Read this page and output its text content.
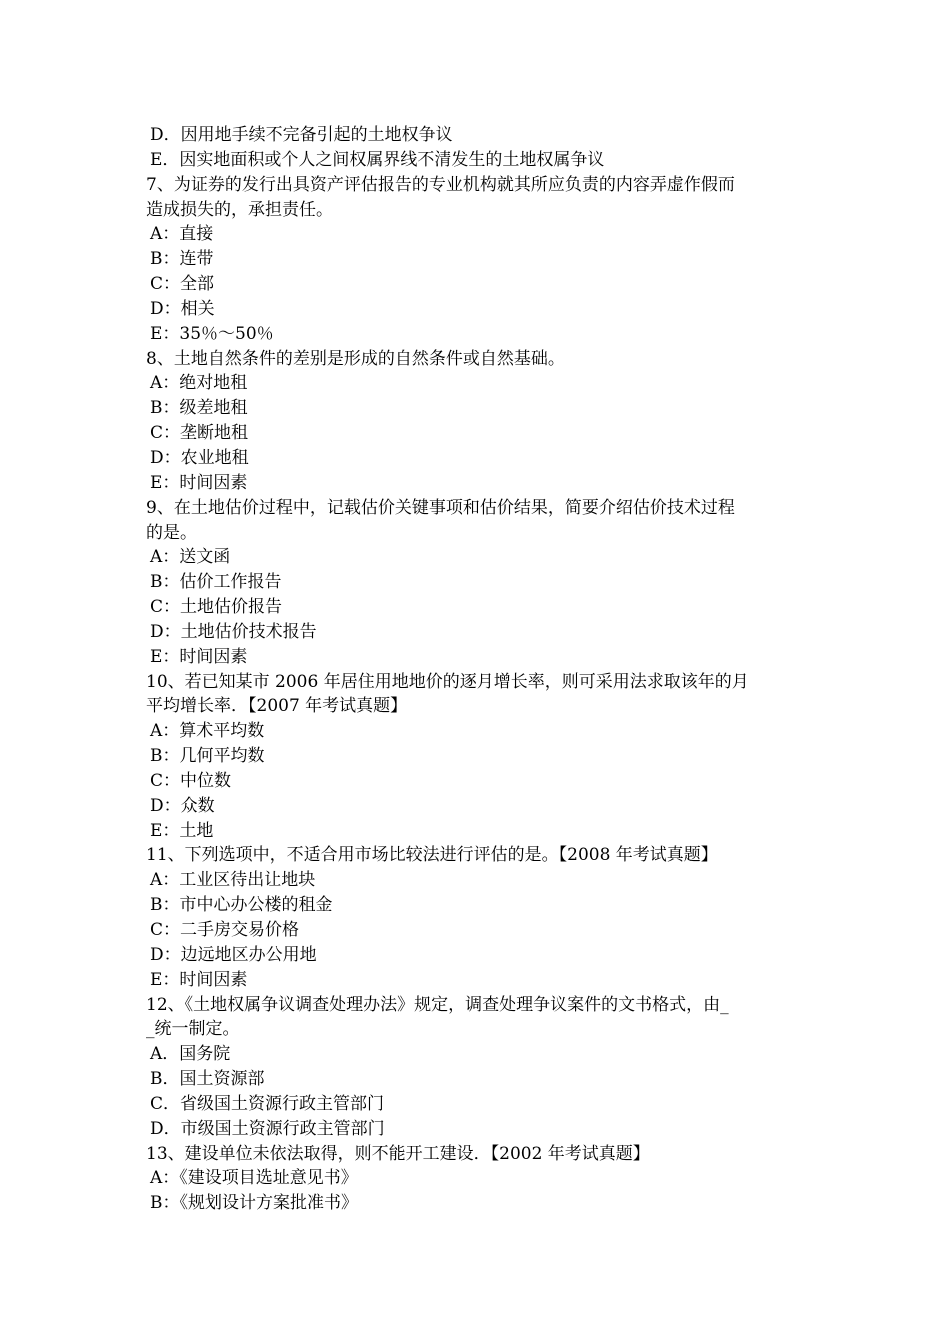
D．因用地手续不完备引起的土地权争议
E．因实地面积或个人之间权属界线不清发生的土地权属争议
7、为证券的发行出具资产评估报告的专业机构就其所应负责的内容弄虚作假而
造成损失的，承担责任。
A：直接
B：连带
C：全部
D：相关
E：35％～50％
8、土地自然条件的差别是形成的自然条件或自然基础。
A：绝对地租
B：级差地租
C：垄断地租
D：农业地租
E：时间因素
9、在土地估价过程中，记载估价关键事项和估价结果，简要介绍估价技术过程
的是。
A：送文函
B：估价工作报告
C：土地估价报告
D：土地估价技术报告
E：时间因素
10、若已知某市 2006 年居住用地地价的逐月增长率，则可采用法求取该年的月
平均增长率．【2007 年考试真题】
A：算术平均数
B：几何平均数
C：中位数
D：众数
E：土地
11、下列选项中，不适合用市场比较法进行评估的是。【2008 年考试真题】
A：工业区待出让地块
B：市中心办公楼的租金
C：二手房交易价格
D：边远地区办公用地
E：时间因素
12、《土地权属争议调查处理办法》规定，调查处理争议案件的文书格式，由_
_统一制定。
A．国务院
B．国土资源部
C．省级国土资源行政主管部门
D．市级国土资源行政主管部门
13、建设单位未依法取得，则不能开工建设．【2002 年考试真题】
A：《建设项目选址意见书》
B：《规划设计方案批准书》
